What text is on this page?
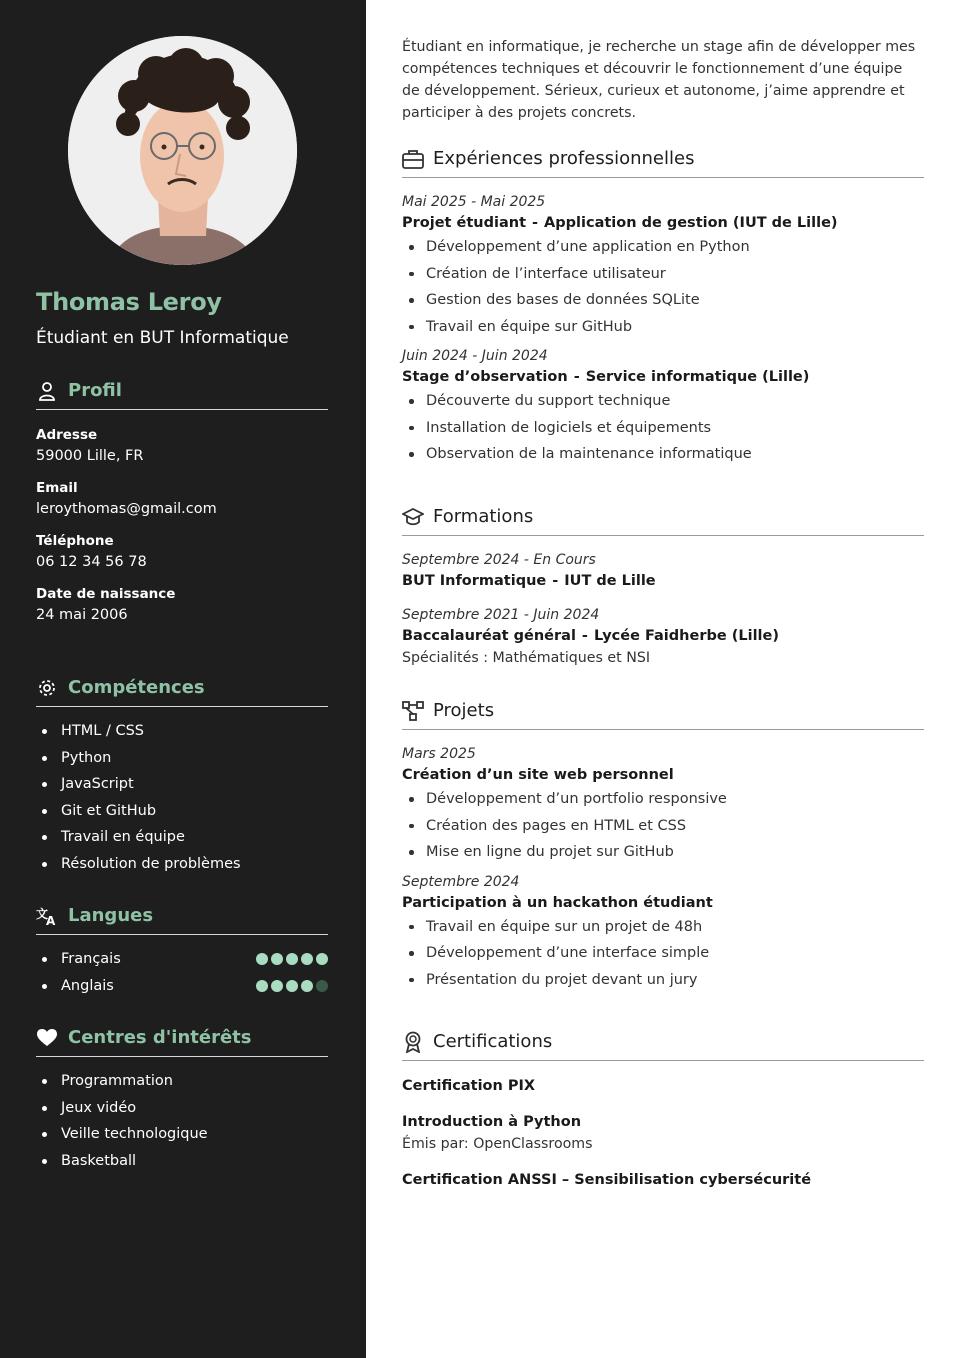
Thomas Leroy
Étudiant en BUT Informatique
Profil
Adresse
59000 Lille, FR
Email
leroythomas@gmail.com
Téléphone
06 12 34 56 78
Date de naissance
24 mai 2006
Compétences
HTML / CSS
Python
JavaScript
Git et GitHub
Travail en équipe
Résolution de problèmes
文
A Langues
Français
Anglais
Centres d'intérêts
Programmation
Jeux vidéo
Veille technologique
Basketball
Étudiant en informatique, je recherche un stage afin de développer mes compétences techniques et découvrir le fonctionnement d’une équipe de développement. Sérieux, curieux et autonome, j’aime apprendre et participer à des projets concrets.
Expériences professionnelles
Mai 2025 - Mai 2025
Projet étudiant - Application de gestion (IUT de Lille)
Développement d’une application en Python
Création de l’interface utilisateur
Gestion des bases de données SQLite
Travail en équipe sur GitHub
Juin 2024 - Juin 2024
Stage d’observation - Service informatique (Lille)
Découverte du support technique
Installation de logiciels et équipements
Observation de la maintenance informatique
Formations
Septembre 2024 - En Cours
BUT Informatique - IUT de Lille
Septembre 2021 - Juin 2024
Baccalauréat général - Lycée Faidherbe (Lille)
Spécialités : Mathématiques et NSI
Projets
Mars 2025
Création d’un site web personnel
Développement d’un portfolio responsive
Création des pages en HTML et CSS
Mise en ligne du projet sur GitHub
Septembre 2024
Participation à un hackathon étudiant
Travail en équipe sur un projet de 48h
Développement d’une interface simple
Présentation du projet devant un jury
Certifications
Certification PIX
Introduction à Python
Émis par: OpenClassrooms
Certification ANSSI – Sensibilisation cybersécurité
